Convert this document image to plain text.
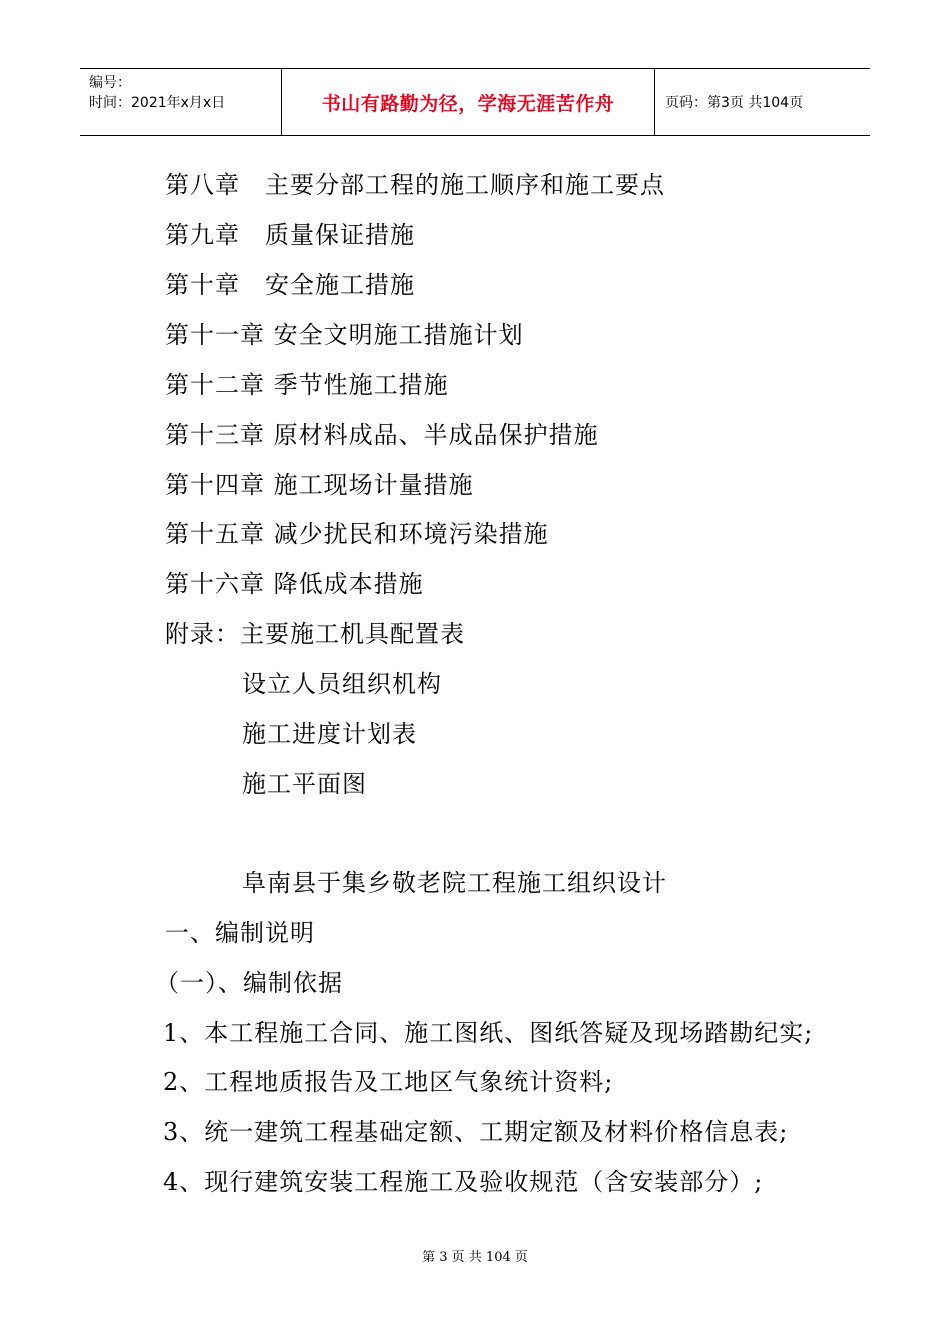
编号：
时间：2021年x月x日	书山有路勤为径，学海无涯苦作舟	页码：第3页 共104页
第八章　主要分部工程的施工顺序和施工要点
第九章　质量保证措施
第十章　安全施工措施
第十一章 安全文明施工措施计划
第十二章 季节性施工措施
第十三章 原材料成品、半成品保护措施
第十四章 施工现场计量措施
第十五章 减少扰民和环境污染措施
第十六章 降低成本措施
附录：主要施工机具配置表
设立人员组织机构
施工进度计划表
施工平面图
阜南县于集乡敬老院工程施工组织设计
一、编制说明
（一）、编制依据
1、本工程施工合同、施工图纸、图纸答疑及现场踏勘纪实;
2、工程地质报告及工地区气象统计资料;
3、统一建筑工程基础定额、工期定额及材料价格信息表;
4、现行建筑安装工程施工及验收规范（含安装部分）;
第 3 页 共 104 页
